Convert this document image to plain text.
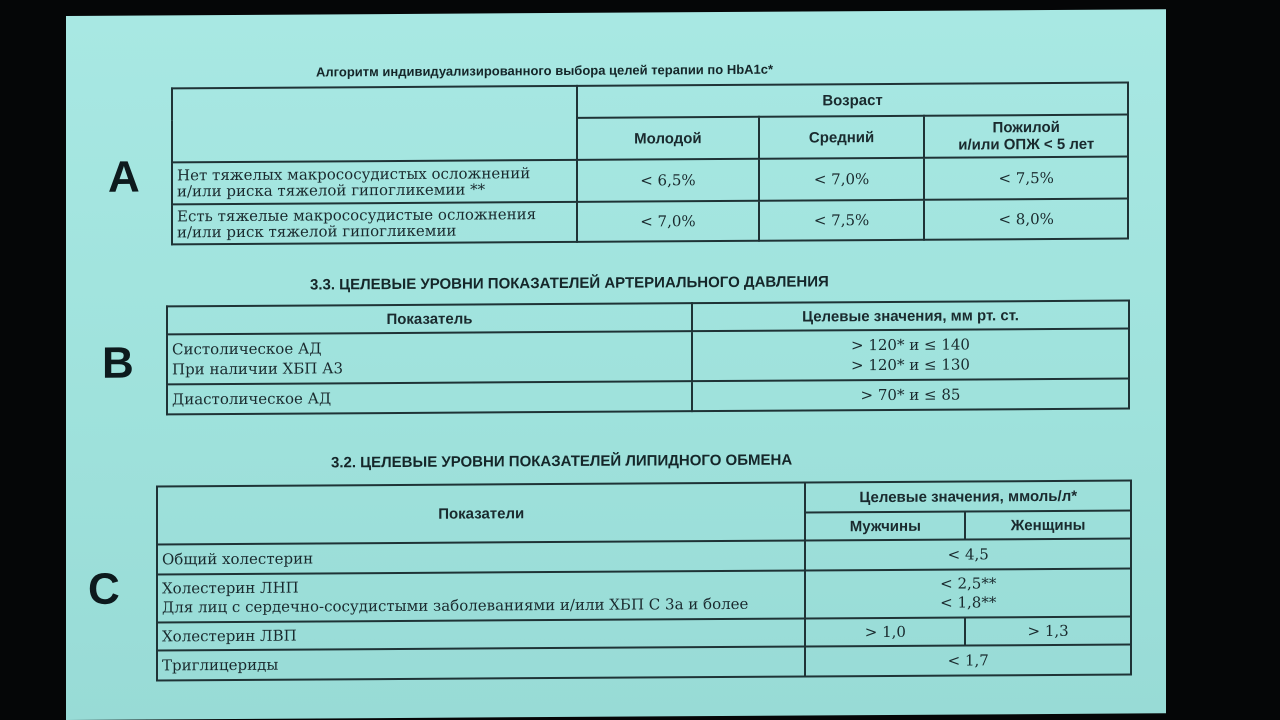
A
Алгоритм индивидуализированного выбора целей терапии по HbA1c*
	Возраст		
	Молодой	Средний	Пожилой
и/или ОПЖ < 5 лет

Нет тяжелых макрососудистых осложнений
и/или риска тяжелой гипогликемии **	< 6,5%	< 7,0%	< 7,5%

Есть тяжелые макрососудистые осложнения
и/или риск тяжелой гипогликемии	< 7,0%	< 7,5%	< 8,0%
B
3.3. ЦЕЛЕВЫЕ УРОВНИ ПОКАЗАТЕЛЕЙ АРТЕРИАЛЬНОГО ДАВЛЕНИЯ
Показатель	Целевые значения, мм рт. ст.

Систолическое АД
При наличии ХБП А3	> 120* и ≤ 140
> 120* и ≤ 130

Диастолическое АД	> 70* и ≤ 85
C
3.2. ЦЕЛЕВЫЕ УРОВНИ ПОКАЗАТЕЛЕЙ ЛИПИДНОГО ОБМЕНА
Показатели	Целевые значения, ммоль/л*	
	Мужчины	Женщины
Общий холестерин	< 4,5	

Холестерин ЛНП
Для лиц с сердечно-сосудистыми заболеваниями и/или ХБП С 3а и более	< 2,5**
< 1,8**	

Холестерин ЛВП	> 1,0	> 1,3
Триглицериды	< 1,7	
